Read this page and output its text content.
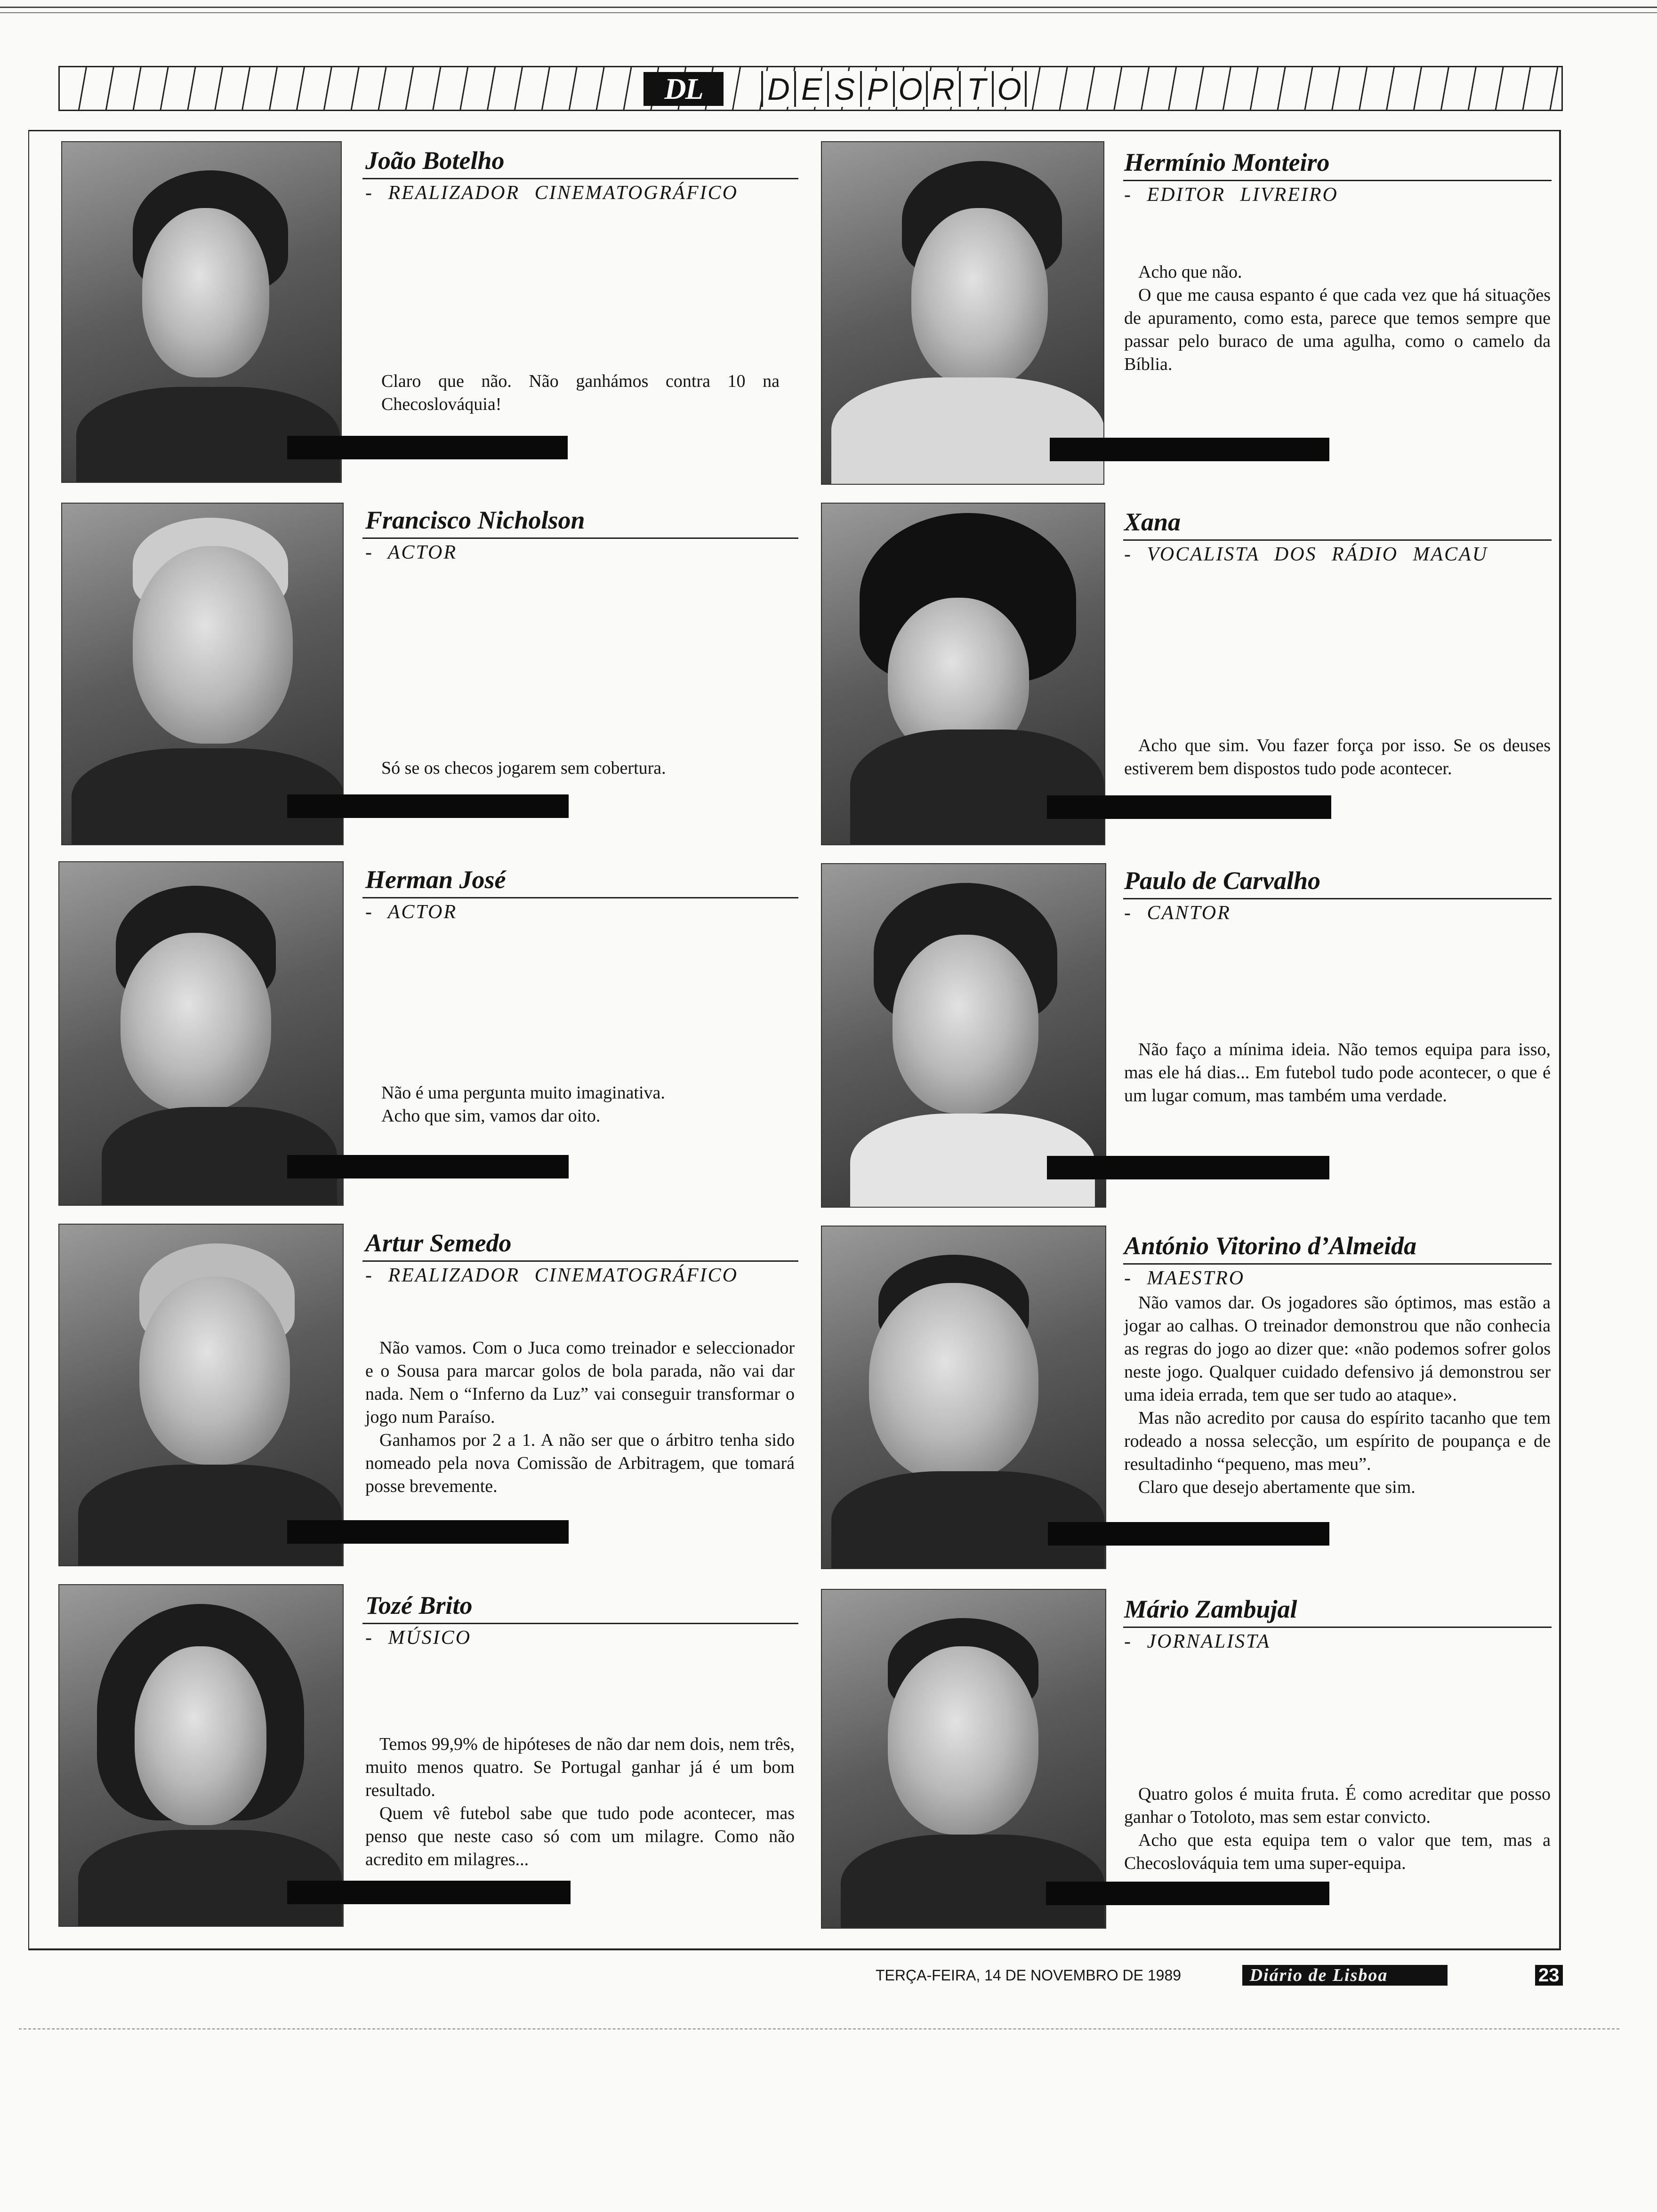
DL	D E S P O R T O
João Botelho
- REALIZADOR CINEMATOGRÁFICO

Claro que não. Não ganhámos contra 10 na Checoslováquia!

Hermínio Monteiro
- EDITOR LIVREIRO

Acho que não.

O que me causa espanto é que cada vez que há situações de apuramento, como esta, parece que temos sempre que passar pelo buraco de uma agulha, como o camelo da Bíblia.

Francisco Nicholson
- ACTOR

Só se os checos jogarem sem cobertura.

Xana
- VOCALISTA DOS RÁDIO MACAU

Acho que sim. Vou fazer força por isso. Se os deuses estiverem bem dispostos tudo pode acontecer.

Herman José
- ACTOR

Não é uma pergunta muito imaginativa.

Acho que sim, vamos dar oito.

Paulo de Carvalho
- CANTOR

Não faço a mínima ideia. Não temos equipa para isso, mas ele há dias... Em futebol tudo pode acontecer, o que é um lugar comum, mas também uma verdade.

Artur Semedo
- REALIZADOR CINEMATOGRÁFICO

Não vamos. Com o Juca como treinador e seleccionador e o Sousa para marcar golos de bola parada, não vai dar nada. Nem o “Inferno da Luz” vai conseguir transformar o jogo num Paraíso.

Ganhamos por 2 a 1. A não ser que o árbitro tenha sido nomeado pela nova Comissão de Arbitragem, que tomará posse brevemente.

António Vitorino d’Almeida
- MAESTRO

Não vamos dar. Os jogadores são óptimos, mas estão a jogar ao calhas. O treinador demonstrou que não conhecia as regras do jogo ao dizer que: «não podemos sofrer golos neste jogo. Qualquer cuidado defensivo já demonstrou ser uma ideia errada, tem que ser tudo ao ataque».

Mas não acredito por causa do espírito tacanho que tem rodeado a nossa selecção, um espírito de poupança e de resultadinho “pequeno, mas meu”.

Claro que desejo abertamente que sim.

Tozé Brito
- MÚSICO

Temos 99,9% de hipóteses de não dar nem dois, nem três, muito menos quatro. Se Portugal ganhar já é um bom resultado.

Quem vê futebol sabe que tudo pode acontecer, mas penso que neste caso só com um milagre. Como não acredito em milagres...

Mário Zambujal
- JORNALISTA

Quatro golos é muita fruta. É como acreditar que posso ganhar o Totoloto, mas sem estar convicto.

Acho que esta equipa tem o valor que tem, mas a Checoslováquia tem uma super-equipa.

TERÇA-FEIRA, 14 DE NOVEMBRO DE 1989	Diário de Lisboa	23
